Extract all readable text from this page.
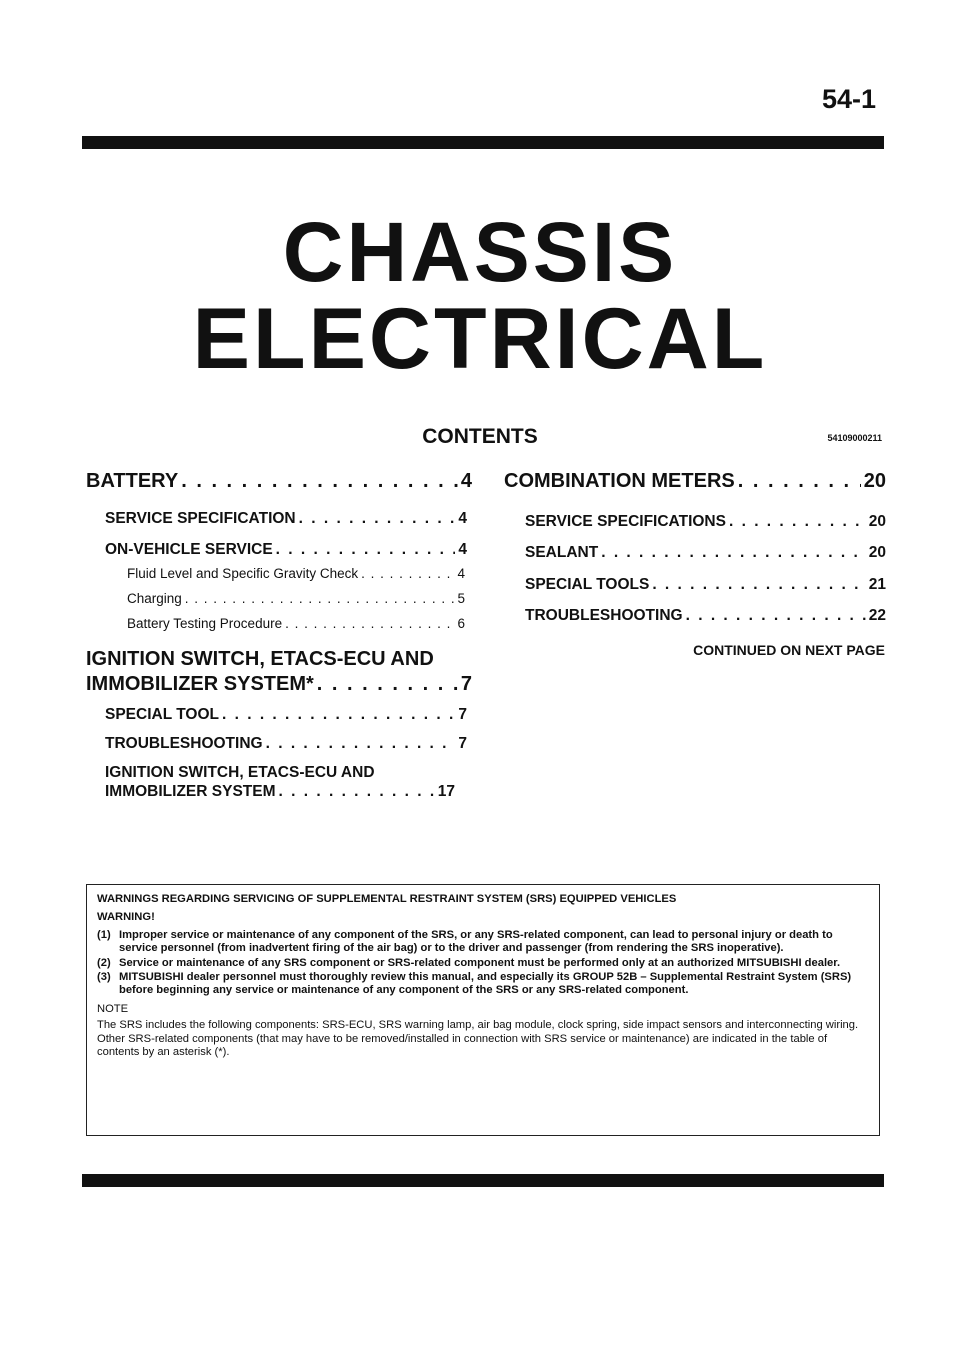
54-1
CHASSIS
ELECTRICAL
CONTENTS	54109000211
BATTERY . . .	4
SERVICE SPECIFICATION . . .	4
ON-VEHICLE SERVICE . . .	4
Fluid Level and Specific Gravity Check . . .	4
Charging . . .	5
Battery Testing Procedure . . .	6
IGNITION SWITCH, ETACS-ECU AND
IMMOBILIZER SYSTEM* . . .	7
SPECIAL TOOL . . .	7
TROUBLESHOOTING . . .	7
IGNITION SWITCH, ETACS-ECU AND
IMMOBILIZER SYSTEM . . .	17
COMBINATION METERS . . .	20
SERVICE SPECIFICATIONS . . .	20
SEALANT . . .	20
SPECIAL TOOLS . . .	21
TROUBLESHOOTING . . .	22
CONTINUED ON NEXT PAGE
WARNINGS REGARDING SERVICING OF SUPPLEMENTAL RESTRAINT SYSTEM (SRS) EQUIPPED VEHICLES
WARNING!
(1) Improper service or maintenance of any component of the SRS, or any SRS-related component, can lead to personal injury or death to service personnel (from inadvertent firing of the air bag) or to the driver and passenger (from rendering the SRS inoperative).
(2) Service or maintenance of any SRS component or SRS-related component must be performed only at an authorized MITSUBISHI dealer.
(3) MITSUBISHI dealer personnel must thoroughly review this manual, and especially its GROUP 52B – Supplemental Restraint System (SRS) before beginning any service or maintenance of any component of the SRS or any SRS-related component.
NOTE
The SRS includes the following components: SRS-ECU, SRS warning lamp, air bag module, clock spring, side impact sensors and interconnecting wiring. Other SRS-related components (that may have to be removed/installed in connection with SRS service or maintenance) are indicated in the table of contents by an asterisk (*).
